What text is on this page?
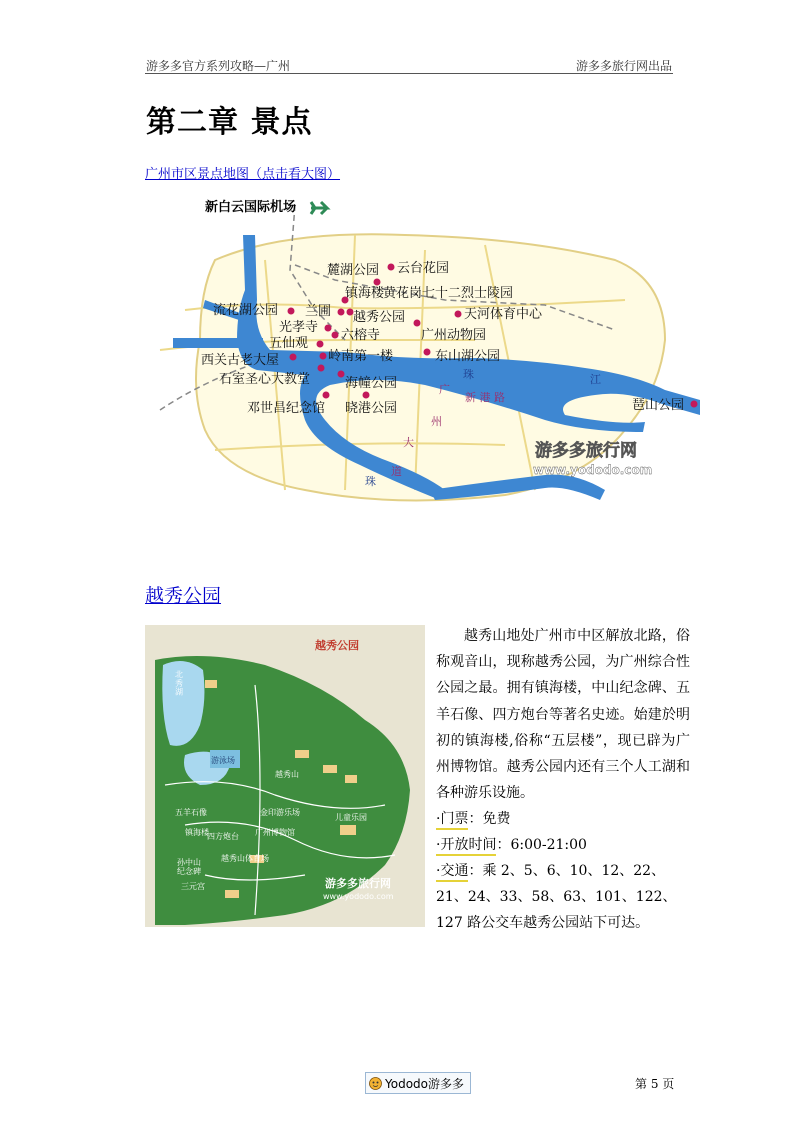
游多多官方系列攻略—广州	游多多旅行网出品
第二章 景点
广州市区景点地图（点击看大图）
新白云国际机场
麓湖公园 云台花园
镇海楼
黄花岗七十二烈士陵园
流花湖公园 兰圃 越秀公园	天河体育中心
光孝寺
六榕寺	广州动物园
五仙观
岭南第一楼	东山湖公园
西关古老大屋
石室圣心大教堂	海幢公园
邓世昌纪念馆 晓港公园	琶山公园
珠	江
珠
广
州
大
道
新 港 路
游多多旅行网
www.yododo.com
越秀公园
越秀公园
北秀湖
游泳场
越秀山
五羊石像	金印游乐场
儿童乐园
四方炮台 广州博物馆
孙中山纪念碑
越秀山体育场
三元宫
镇海楼
游多多旅行网
www.yododo.com

越秀山地处广州市中区解放北路，俗称观音山，现称越秀公园，为广州综合性公园之最。拥有镇海楼，中山纪念碑、五羊石像、四方炮台等著名史迹。始建於明初的镇海楼,俗称“五层楼”，现已辟为广州博物馆。越秀公园内还有三个人工湖和各种游乐设施。

·门票：免费

·开放时间：6:00-21:00

·交通：乘 2、5、6、10、12、22、21、24、33、58、63、101、122、127 路公交车越秀公园站下可达。

Yododo游多多	第 5 页
